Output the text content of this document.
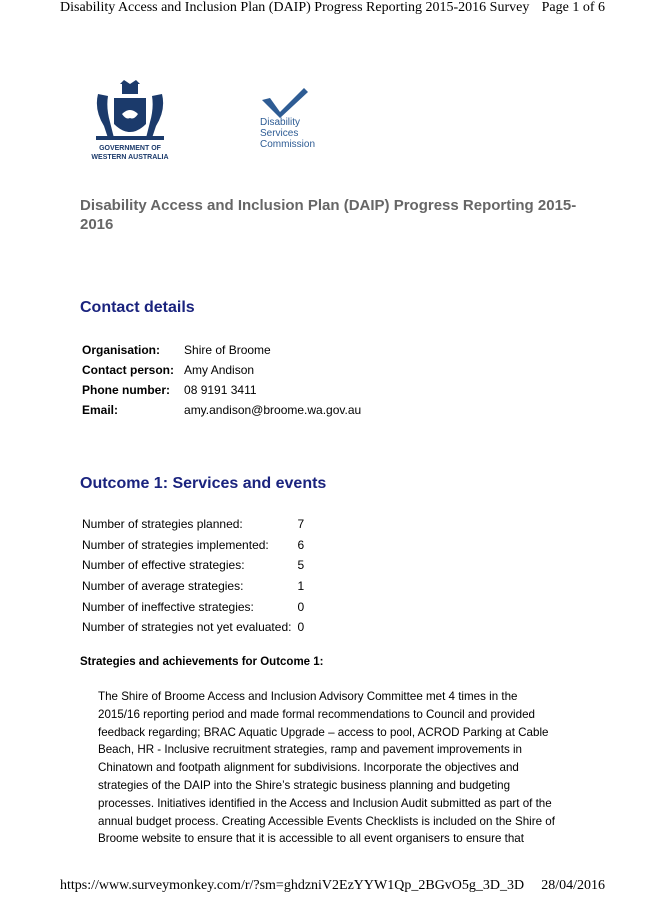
Disability Access and Inclusion Plan (DAIP) Progress Reporting 2015-2016 Survey Page 1 of 6
GOVERNMENT OF
WESTERN AUSTRALIA
Disability
Services
Commission
Disability Access and Inclusion Plan (DAIP) Progress Reporting 2015-2016
Contact details
Organisation:	Shire of Broome
Contact person:	Amy Andison
Phone number:	08 9191 3411
Email:	amy.andison@broome.wa.gov.au
Outcome 1: Services and events
Number of strategies planned:	7
Number of strategies implemented:	6
Number of effective strategies:	5
Number of average strategies:	1
Number of ineffective strategies:	0
Number of strategies not yet evaluated:	0
Strategies and achievements for Outcome 1:
The Shire of Broome Access and Inclusion Advisory Committee met 4 times in the 2015/16 reporting period and made formal recommendations to Council and provided feedback regarding; BRAC Aquatic Upgrade – access to pool, ACROD Parking at Cable Beach, HR - Inclusive recruitment strategies, ramp and pavement improvements in Chinatown and footpath alignment for subdivisions. Incorporate the objectives and strategies of the DAIP into the Shire’s strategic business planning and budgeting processes. Initiatives identified in the Access and Inclusion Audit submitted as part of the annual budget process. Creating Accessible Events Checklists is included on the Shire of Broome website to ensure that it is accessible to all event organisers to ensure that
https://www.surveymonkey.com/r/?sm=ghdzniV2EzYYW1Qp_2BGvO5g_3D_3D 28/04/2016
